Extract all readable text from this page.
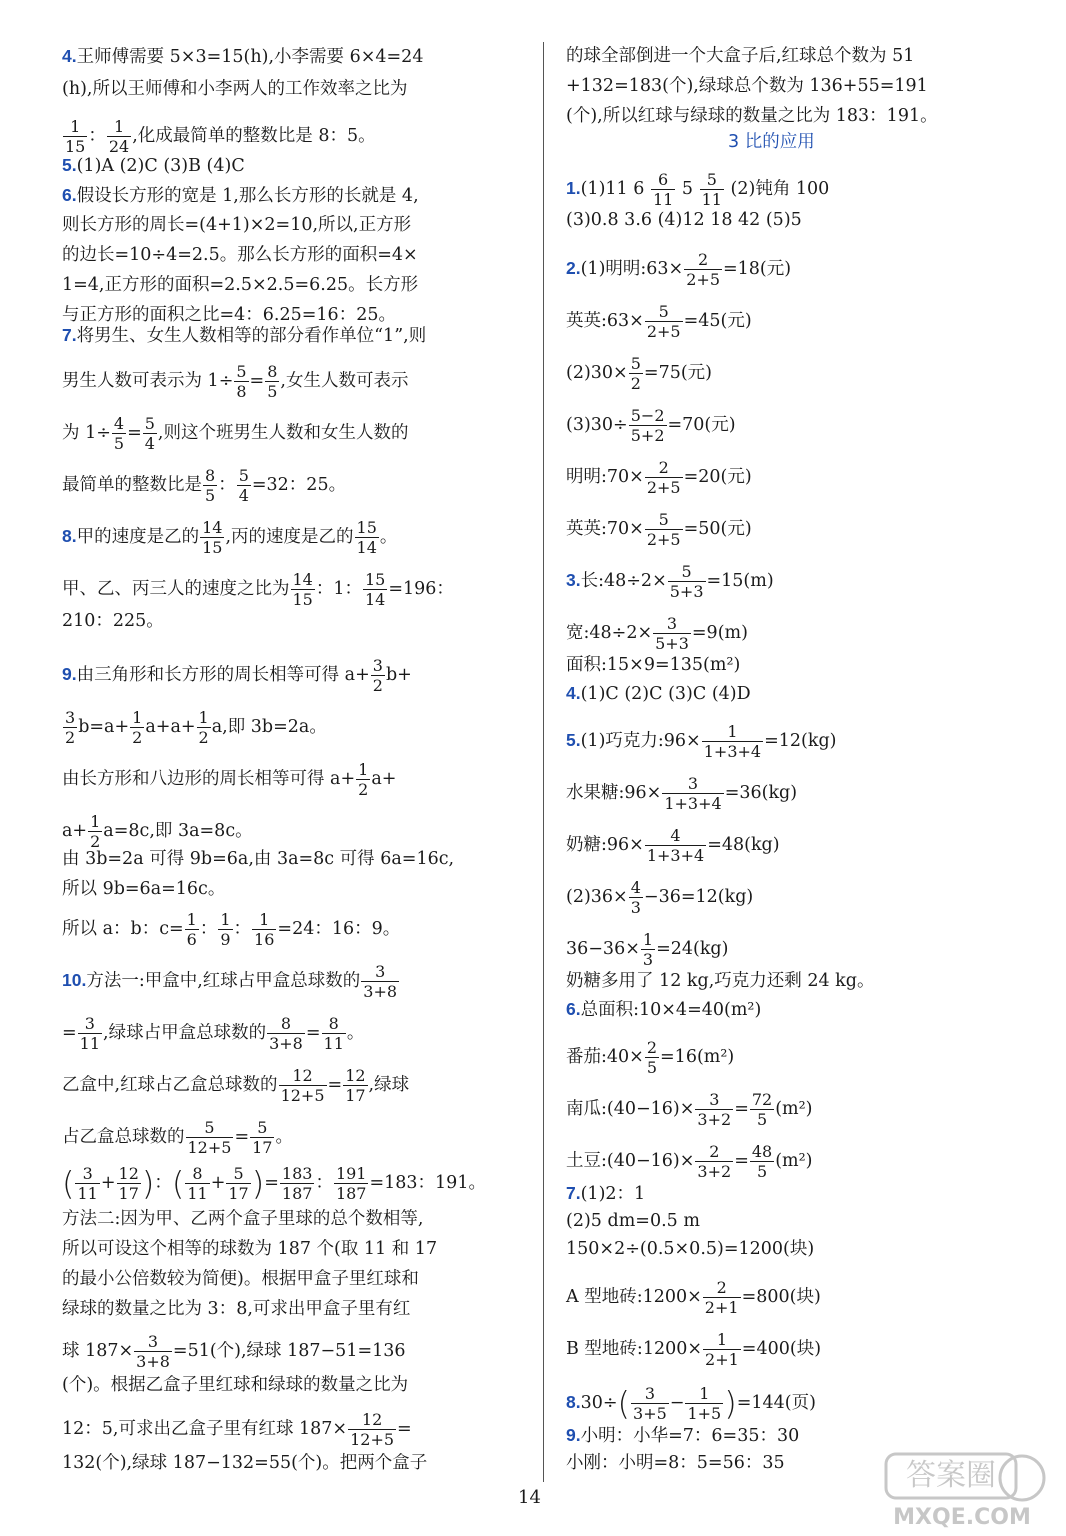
4.王师傅需要 5×3=15(h),小李需要 6×4=24
(h),所以王师傅和小李两人的工作效率之比为
$\frac{1}{15}$ ： $\frac{1}{24}$ ,化成最简单的整数比是 8：5。
5.(1)A (2)C (3)B (4)C
6.假设长方形的宽是 1,那么长方形的长就是 4,
则长方形的周长=(4+1)×2=10,所以,正方形
的边长=10÷4=2.5。那么长方形的面积=4×
1=4,正方形的面积=2.5×2.5=6.25。长方形
与正方形的面积之比=4：6.25=16：25。
7.将男生、女生人数相等的部分看作单位“1”,则
男生人数可表示为 $1\div \frac{5}{8} = \frac{8}{5}$ ,女生人数可表示
为 $1\div \frac{4}{5} = \frac{5}{4}$ ,则这个班男生人数和女生人数的
最简单的整数比是 $\frac{8}{5}$ ： $\frac{5}{4} =32$：25。
8.甲的速度是乙的 $\frac{14}{15}$ ,丙的速度是乙的 $\frac{15}{14}$ 。
甲、乙、丙三人的速度之比为 $\frac{14}{15}$ ：1： $\frac{15}{14} =196$：
210：225。
9.由三角形和长方形的周长相等可得 $a+ \frac{3}{2} b+$
$\frac{3}{2} b=a+ \frac{1}{2} a+a+ \frac{1}{2} a$,即 3b=2a。
由长方形和八边形的周长相等可得 $a+ \frac{1}{2} a+$
$a+ \frac{1}{2} a=8c$,即 3a=8c。
由 3b=2a 可得 9b=6a,由 3a=8c 可得 6a=16c,
所以 9b=6a=16c。
所以 a：b：$c= \frac{1}{6}$ ： $\frac{1}{9}$ ： $\frac{1}{16} =24$：16：9。
10.方法一:甲盒中,红球占甲盒总球数的 $\frac{3}{3+8}$
= $\frac{3}{11}$ ,绿球占甲盒总球数的 $\frac{8}{3+8} = \frac{8}{11}$ 。
乙盒中,红球占乙盒总球数的 $\frac{12}{12+5} = \frac{12}{17}$ ,绿球
占乙盒总球数的 $\frac{5}{12+5} = \frac{5}{17}$ 。
( $\frac{3}{11} + \frac{12}{17}$ )：( $\frac{8}{11} + \frac{5}{17}$ )= $\frac{183}{187}$ ： $\frac{191}{187} =183$：191。
方法二:因为甲、乙两个盒子里球的总个数相等,
所以可设这个相等的球数为 187 个(取 11 和 17
的最小公倍数较为简便)。根据甲盒子里红球和
绿球的数量之比为 3：8,可求出甲盒子里有红
球 $187\times \frac{3}{3+8} =51$(个),绿球 187−51=136
(个)。根据乙盒子里红球和绿球的数量之比为
12：5,可求出乙盒子里有红球 $187\times \frac{12}{12+5}$ =
132(个),绿球 187−132=55(个)。把两个盒子
的球全部倒进一个大盒子后,红球总个数为 51
+132=183(个),绿球总个数为 136+55=191
(个),所以红球与绿球的数量之比为 183：191。
3 比的应用
1.(1)11 $6 \frac{6}{11} 5 \frac{5}{11} (2)$钝角 100
(3)0.8 3.6 (4)12 18 42 (5)5
2.(1)明明:63× $\frac{2}{2+5} =18$(元)
英英:63× $\frac{5}{2+5} =45$(元)
$(2)30\times \frac{5}{2} =75$(元)
$(3)30\div \frac{5-2}{5+2} =70$(元)
明明:70× $\frac{2}{2+5} =20$(元)
英英:70× $\frac{5}{2+5} =50$(元)
3.长:48÷2× $\frac{5}{5+3} =15(m)$
宽:48÷2× $\frac{3}{5+3} =9(m)$
面积:15×9=135(m²)
4.(1)C (2)C (3)C (4)D
5.(1)巧克力:96× $\frac{1}{1+3+4} =12(kg)$
水果糖:96× $\frac{3}{1+3+4} =36(kg)$
奶糖:96× $\frac{4}{1+3+4} =48(kg)$
$(2)36\times \frac{4}{3} -36=12(kg)$
$36-36\times \frac{1}{3} =24(kg)$
奶糖多用了 12 kg,巧克力还剩 24 kg。
6.总面积:10×4=40(m²)
番茄:40× $\frac{2}{5} =16(m^2)$
南瓜:(40−16)× $\frac{3}{3+2} = \frac{72}{5} (m^2)$
土豆:(40−16)× $\frac{2}{3+2} = \frac{48}{5} (m^2)$
7.(1)2：1
(2)5 dm=0.5 m
150×2÷(0.5×0.5)=1200(块)
A 型地砖:1200× $\frac{2}{2+1} =800$(块)
B 型地砖:1200× $\frac{1}{2+1} =400$(块)
$8.30\div( \frac{3}{3+5} - \frac{1}{1+5} )=144$(页)
9.小明：小华=7：6=35：30
小刚：小明=8：5=56：35
14
答案圈
MXQE.COM
